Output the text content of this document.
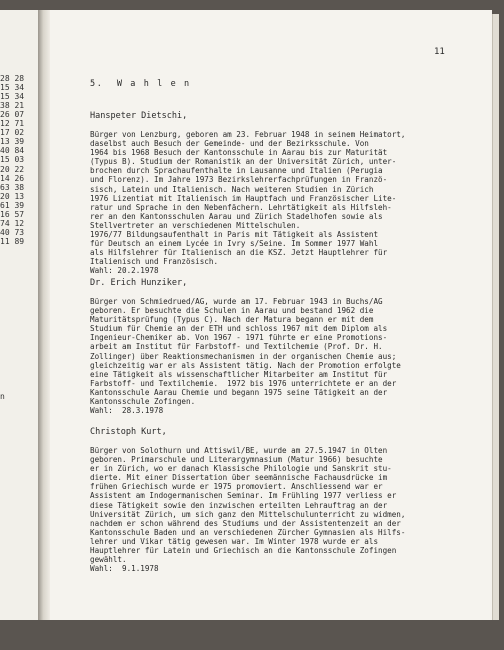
28 28
15 34
15 34
38 21
26 07
12 71
17 02
13 39
40 84
15 03
20 22
14 26
63 38
20 13
61 39
16 57
74 12
40 73
11 89
n
11
5.  W a h l e n
Hanspeter Dietschi,

Bürger von Lenzburg, geboren am 23. Februar 1948 in seinem Heimatort,
daselbst auch Besuch der Gemeinde- und der Bezirksschule. Von
1964 bis 1968 Besuch der Kantonsschule in Aarau bis zur Maturität
(Typus B). Studium der Romanistik an der Universität Zürich, unter-
brochen durch Sprachaufenthalte in Lausanne und Italien (Perugia
und Florenz). Im Jahre 1973 Bezirkslehrerfachprüfungen in Franzö-
sisch, Latein und Italienisch. Nach weiteren Studien in Zürich
1976 Lizentiat mit Italienisch im Hauptfach und Französischer Lite-
ratur und Sprache in den Nebenfächern. Lehrtätigkeit als Hilfsleh-
rer an den Kantonsschulen Aarau und Zürich Stadelhofen sowie als
Stellvertreter an verschiedenen Mittelschulen.
1976/77 Bildungsaufenthalt in Paris mit Tätigkeit als Assistent
für Deutsch an einem Lycée in Ivry s/Seine. Im Sommer 1977 Wahl
als Hilfslehrer für Italienisch an die KSZ. Jetzt Hauptlehrer für
Italienisch und Französisch.
Wahl: 20.2.1978

Dr. Erich Hunziker,

Bürger von Schmiedrued/AG, wurde am 17. Februar 1943 in Buchs/AG
geboren. Er besuchte die Schulen in Aarau und bestand 1962 die
Maturitätsprüfung (Typus C). Nach der Matura begann er mit dem
Studium für Chemie an der ETH und schloss 1967 mit dem Diplom als
Ingenieur-Chemiker ab. Von 1967 - 1971 führte er eine Promotions-
arbeit am Institut für Farbstoff- und Textilchemie (Prof. Dr. H.
Zollinger) über Reaktionsmechanismen in der organischen Chemie aus;
gleichzeitig war er als Assistent tätig. Nach der Promotion erfolgte
eine Tätigkeit als wissenschaftlicher Mitarbeiter am Institut für
Farbstoff- und Textilchemie.  1972 bis 1976 unterrichtete er an der
Kantonsschule Aarau Chemie und begann 1975 seine Tätigkeit an der
Kantonsschule Zofingen.
Wahl:  28.3.1978

Christoph Kurt,

Bürger von Solothurn und Attiswil/BE, wurde am 27.5.1947 in Olten
geboren. Primarschule und Literargymnasium (Matur 1966) besuchte
er in Zürich, wo er danach Klassische Philologie und Sanskrit stu-
dierte. Mit einer Dissertation über seemännische Fachausdrücke im
frühen Griechisch wurde er 1975 promoviert. Anschliessend war er
Assistent am Indogermanischen Seminar. Im Frühling 1977 verliess er
diese Tätigkeit sowie den inzwischen erteilten Lehrauftrag an der
Universität Zürich, um sich ganz den Mittelschulunterricht zu widmen,
nachdem er schon während des Studiums und der Assistentenzeit an der
Kantonsschule Baden und an verschiedenen Zürcher Gymnasien als Hilfs-
lehrer und Vikar tätig gewesen war. Im Winter 1978 wurde er als
Hauptlehrer für Latein und Griechisch an die Kantonsschule Zofingen
gewählt.
Wahl:  9.1.1978
